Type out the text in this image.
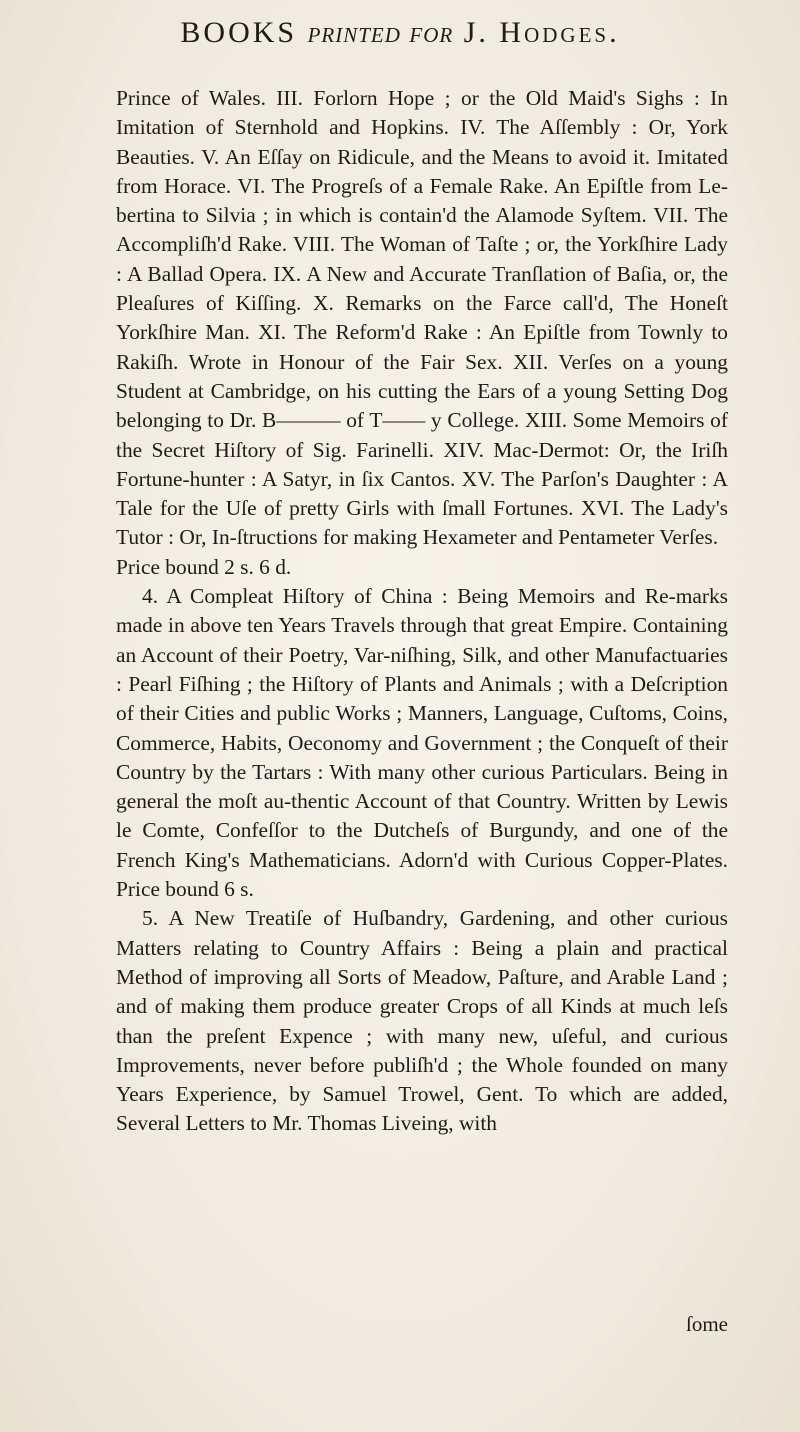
BOOKS printed for J. Hodges.

Prince of Wales. III. Forlorn Hope ; or the Old Maid's Sighs : In Imitation of Sternhold and Hopkins. IV. The Aſſembly : Or, York Beauties. V. An Eſſay on Ridicule, and the Means to avoid it. Imitated from Horace. VI. The Progreſs of a Female Rake. An Epiſtle from Le-bertina to Silvia ; in which is contain'd the Alamode Syſtem. VII. The Accompliſh'd Rake. VIII. The Woman of Taſte ; or, the Yorkſhire Lady : A Ballad Opera. IX. A New and Accurate Tranſlation of Baſia, or, the Pleaſures of Kiſſing. X. Remarks on the Farce call'd, The Honeſt Yorkſhire Man. XI. The Reform'd Rake : An Epiſtle from Townly to Rakiſh. Wrote in Honour of the Fair Sex. XII. Verſes on a young Student at Cambridge, on his cutting the Ears of a young Setting Dog belonging to Dr. B——— of T—— y College. XIII. Some Memoirs of the Secret Hiſtory of Sig. Farinelli. XIV. Mac-Dermot: Or, the Iriſh Fortune-hunter : A Satyr, in ſix Cantos. XV. The Parſon's Daughter : A Tale for the Uſe of pretty Girls with ſmall Fortunes. XVI. The Lady's Tutor : Or, In-ſtructions for making Hexameter and Pentameter Verſes.

Price bound 2 s. 6 d.

4. A Compleat Hiſtory of China : Being Memoirs and Re-marks made in above ten Years Travels through that great Empire. Containing an Account of their Poetry, Var-niſhing, Silk, and other Manufactuaries : Pearl Fiſhing ; the Hiſtory of Plants and Animals ; with a Deſcription of their Cities and public Works ; Manners, Language, Cuſtoms, Coins, Commerce, Habits, Oeconomy and Government ; the Conqueſt of their Country by the Tartars : With many other curious Particulars. Being in general the moſt au-thentic Account of that Country. Written by Lewis le Comte, Confeſſor to the Dutcheſs of Burgundy, and one of the French King's Mathematicians. Adorn'd with Curious Copper-Plates. Price bound 6 s.

5. A New Treatiſe of Huſbandry, Gardening, and other curious Matters relating to Country Affairs : Being a plain and practical Method of improving all Sorts of Meadow, Paſture, and Arable Land ; and of making them produce greater Crops of all Kinds at much leſs than the preſent Expence ; with many new, uſeful, and curious Improvements, never before publiſh'd ; the Whole founded on many Years Experience, by Samuel Trowel, Gent. To which are added, Several Letters to Mr. Thomas Liveing, with

ſome
